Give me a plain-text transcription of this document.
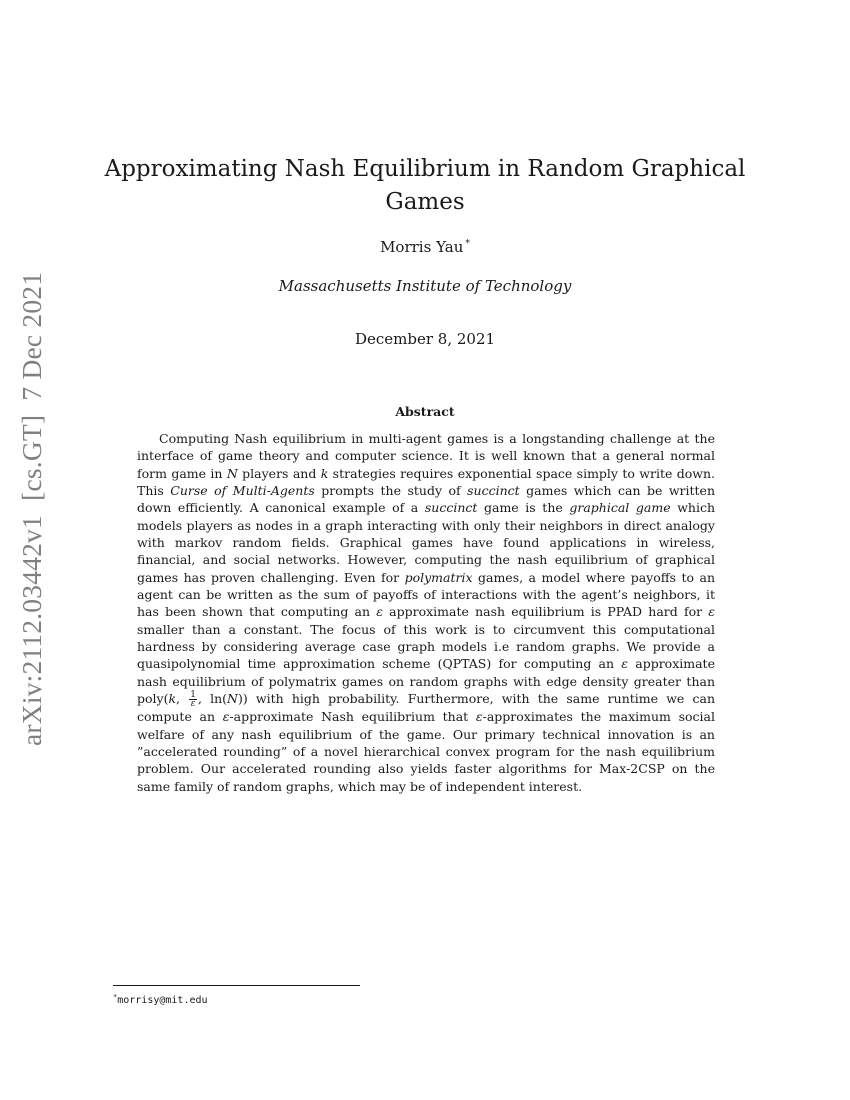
arXiv:2112.03442v1  [cs.GT]  7 Dec 2021
Approximating Nash Equilibrium in Random Graphical Games
Morris Yau *
Massachusetts Institute of Technology
December 8, 2021
Abstract

Computing Nash equilibrium in multi-agent games is a longstanding challenge at the interface of game theory and computer science. It is well known that a general normal form game in N players and k strategies requires exponential space simply to write down. This Curse of Multi-Agents prompts the study of succinct games which can be written down efficiently. A canonical example of a succinct game is the graphical game which models players as nodes in a graph interacting with only their neighbors in direct analogy with markov random fields. Graphical games have found applications in wireless, financial, and social networks. However, computing the nash equilibrium of graphical games has proven challenging. Even for polymatrix games, a model where payoffs to an agent can be written as the sum of payoffs of interactions with the agent’s neighbors, it has been shown that computing an ε approximate nash equilibrium is PPAD hard for ε smaller than a constant. The focus of this work is to circumvent this computational hardness by considering average case graph models i.e random graphs. We provide a quasipolynomial time approximation scheme (QPTAS) for computing an ε approximate nash equilibrium of polymatrix games on random graphs with edge density greater than poly(k, $\frac{1}{\varepsilon}$ , ln(N)) with high probability. Furthermore, with the same runtime we can compute an ε-approximate Nash equilibrium that ε-approximates the maximum social welfare of any nash equilibrium of the game. Our primary technical innovation is an ”accelerated rounding” of a novel hierarchical convex program for the nash equilibrium problem. Our accelerated rounding also yields faster algorithms for Max-2CSP on the same family of random graphs, which may be of independent interest.

*morrisy@mit.edu
